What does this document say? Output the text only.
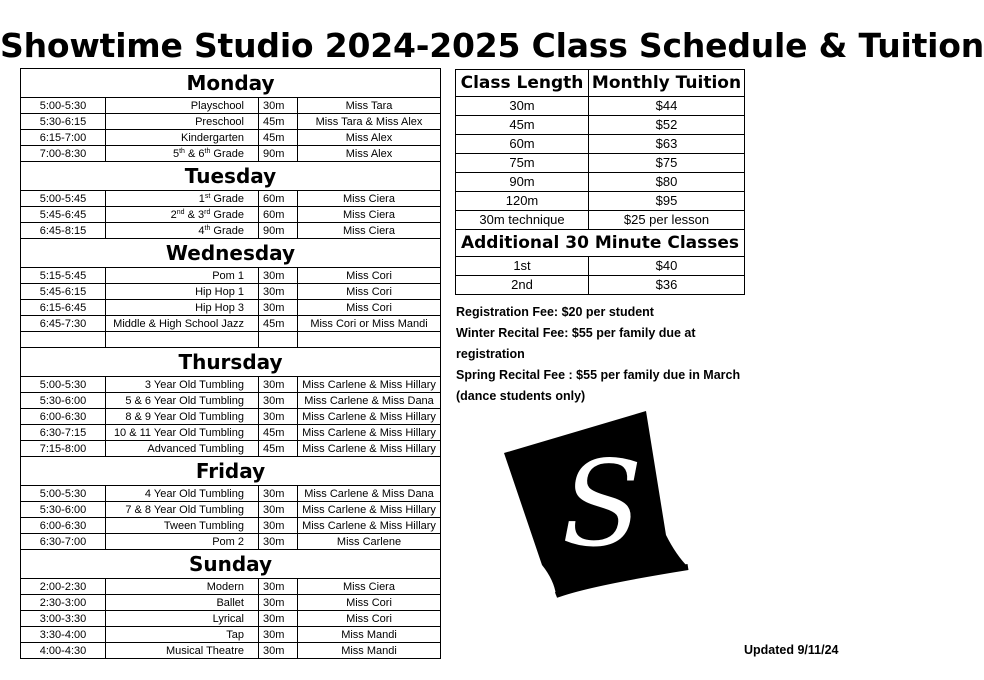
Showtime Studio 2024-2025 Class Schedule & Tuition
Monday			
5:00-5:30	Playschool	30m	Miss Tara
5:30-6:15	Preschool	45m	Miss Tara & Miss Alex
6:15-7:00	Kindergarten	45m	Miss Alex
7:00-8:30	5th & 6th Grade	90m	Miss Alex
Tuesday			
5:00-5:45	1st Grade	60m	Miss Ciera
5:45-6:45	2nd & 3rd Grade	60m	Miss Ciera
6:45-8:15	4th Grade	90m	Miss Ciera
Wednesday			
5:15-5:45	Pom 1	30m	Miss Cori
5:45-6:15	Hip Hop 1	30m	Miss Cori
6:15-6:45	Hip Hop 3	30m	Miss Cori
6:45-7:30	Middle & High School Jazz	45m	Miss Cori or Miss Mandi

Thursday			
5:00-5:30	3 Year Old Tumbling	30m	Miss Carlene & Miss Hillary
5:30-6:00	5 & 6 Year Old Tumbling	30m	Miss Carlene & Miss Dana
6:00-6:30	8 & 9 Year Old Tumbling	30m	Miss Carlene & Miss Hillary
6:30-7:15	10 & 11 Year Old Tumbling	45m	Miss Carlene & Miss Hillary
7:15-8:00	Advanced Tumbling	45m	Miss Carlene & Miss Hillary
Friday			
5:00-5:30	4 Year Old Tumbling	30m	Miss Carlene & Miss Dana
5:30-6:00	7 & 8 Year Old Tumbling	30m	Miss Carlene & Miss Hillary
6:00-6:30	Tween Tumbling	30m	Miss Carlene & Miss Hillary
6:30-7:00	Pom 2	30m	Miss Carlene
Sunday			
2:00-2:30	Modern	30m	Miss Ciera
2:30-3:00	Ballet	30m	Miss Cori
3:00-3:30	Lyrical	30m	Miss Cori
3:30-4:00	Tap	30m	Miss Mandi
4:00-4:30	Musical Theatre	30m	Miss Mandi
Class Length	Monthly Tuition
30m	$44
45m	$52
60m	$63
75m	$75
90m	$80
120m	$95
30m technique	$25 per lesson
Additional 30 Minute Classes	
1st	$40
2nd	$36
Registration Fee: $20 per student
Winter Recital Fee: $55 per family due at
registration
Spring Recital Fee : $55 per family due in March
(dance students only)
S
Updated 9/11/24
